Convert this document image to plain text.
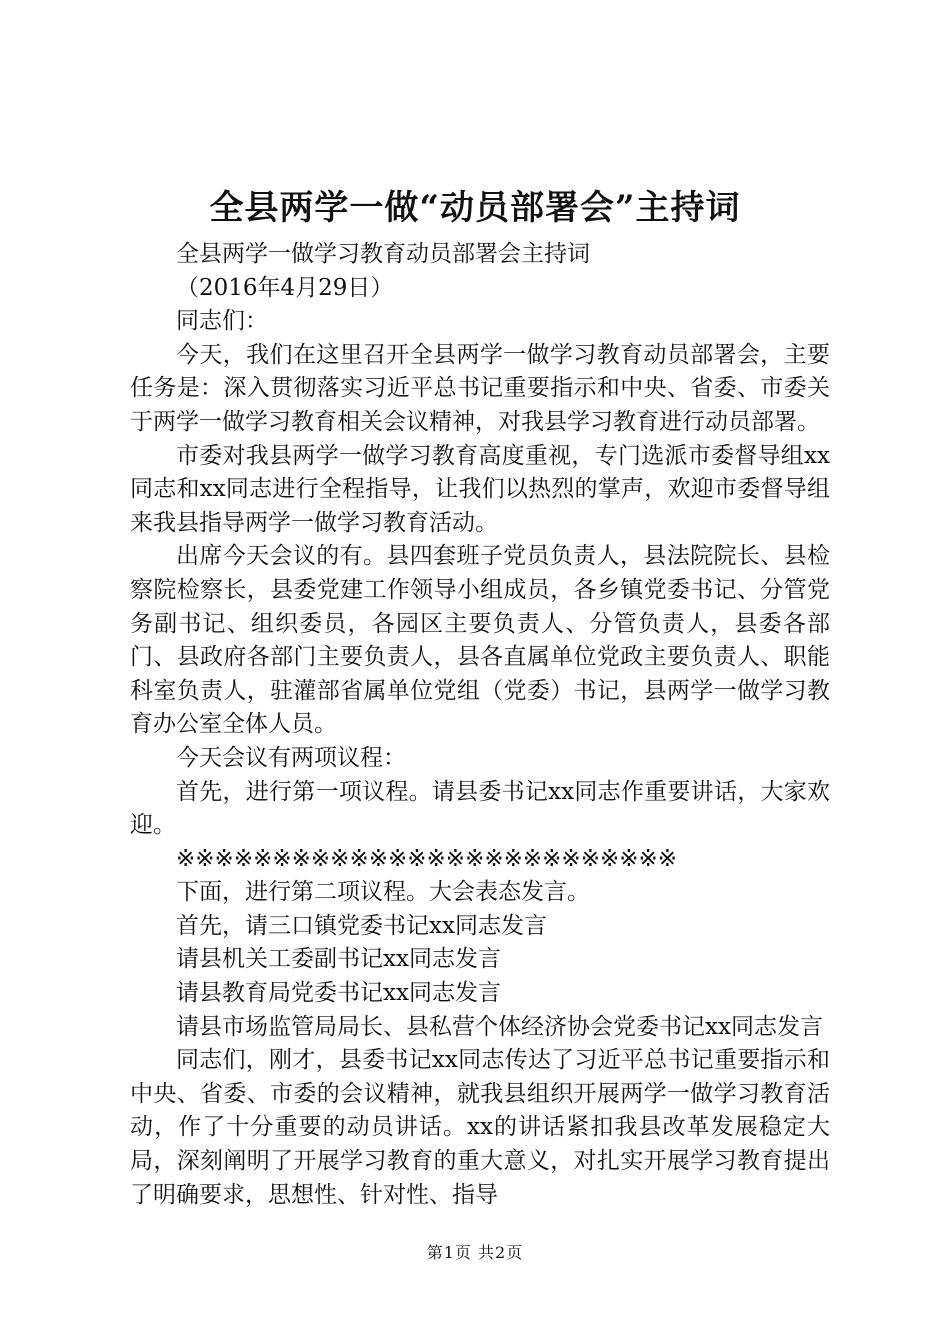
全县两学一做“动员部署会”主持词

全县两学一做学习教育动员部署会主持词

（2016年4月29日）

同志们：

今天，我们在这里召开全县两学一做学习教育动员部署会，主要任务是：深入贯彻落实习近平总书记重要指示和中央、省委、市委关于两学一做学习教育相关会议精神，对我县学习教育进行动员部署。

市委对我县两学一做学习教育高度重视，专门选派市委督导组xx同志和xx同志进行全程指导，让我们以热烈的掌声，欢迎市委督导组来我县指导两学一做学习教育活动。

出席今天会议的有。县四套班子党员负责人，县法院院长、县检察院检察长，县委党建工作领导小组成员，各乡镇党委书记、分管党务副书记、组织委员，各园区主要负责人、分管负责人，县委各部门、县政府各部门主要负责人，县各直属单位党政主要负责人、职能科室负责人，驻灌部省属单位党组（党委）书记，县两学一做学习教育办公室全体人员。

今天会议有两项议程：

首先，进行第一项议程。请县委书记xx同志作重要讲话，大家欢迎。

※※※※※※※※※※※※※※※※※※※※※※※※※※

下面，进行第二项议程。大会表态发言。

首先，请三口镇党委书记xx同志发言

请县机关工委副书记xx同志发言

请县教育局党委书记xx同志发言

请县市场监管局局长、县私营个体经济协会党委书记xx同志发言

同志们，刚才，县委书记xx同志传达了习近平总书记重要指示和中央、省委、市委的会议精神，就我县组织开展两学一做学习教育活动，作了十分重要的动员讲话。xx的讲话紧扣我县改革发展稳定大局，深刻阐明了开展学习教育的重大意义，对扎实开展学习教育提出了明确要求，思想性、针对性、指导

第1页 共2页
